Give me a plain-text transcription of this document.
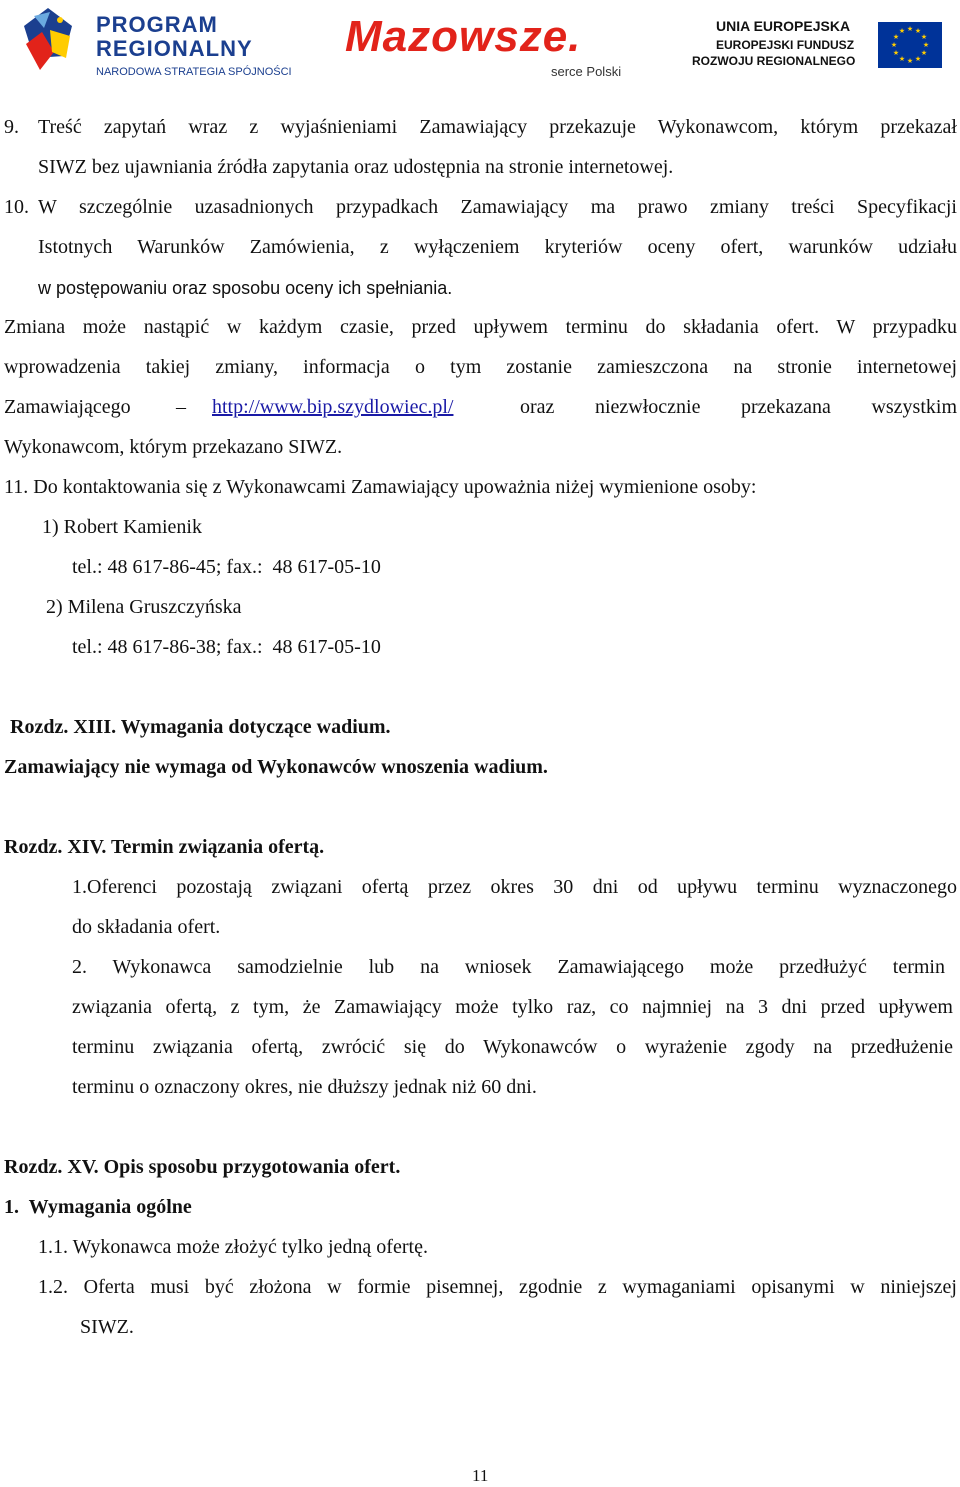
PROGRAM
REGIONALNY
NARODOWA STRATEGIA SPÓJNOŚCI
Mazowsze.
serce Polski
UNIA EUROPEJSKA
EUROPEJSKI FUNDUSZ
ROZWOJU REGIONALNEGO
★ ★
★
★
★
★
★
★
★
★
★
★
9. Treść zapytań wraz z wyjaśnieniami Zamawiający przekazuje Wykonawcom, którym przekazał
SIWZ bez ujawniania źródła zapytania oraz udostępnia na stronie internetowej.
10. W szczególnie uzasadnionych przypadkach Zamawiający ma prawo zmiany treści Specyfikacji
Istotnych Warunków Zamówienia, z wyłączeniem kryteriów oceny ofert, warunków udziału
w postępowaniu oraz sposobu oceny ich spełniania.
Zmiana może nastąpić w każdym czasie, przed upływem terminu do składania ofert. W przypadku
wprowadzenia takiej zmiany, informacja o tym zostanie zamieszczona na stronie internetowej
Zamawiającego – http://www.bip.szydlowiec.pl/	oraz niezwłocznie przekazana wszystkim
Wykonawcom, którym przekazano SIWZ.
11. Do kontaktowania się z Wykonawcami Zamawiający upoważnia niżej wymienione osoby:
1) Robert Kamienik
tel.: 48 617-86-45; fax.:  48 617-05-10
2) Milena Gruszczyńska
tel.: 48 617-86-38; fax.:  48 617-05-10
Rozdz. XIII. Wymagania dotyczące wadium.
Zamawiający nie wymaga od Wykonawców wnoszenia wadium.
Rozdz. XIV. Termin związania ofertą.
1.Oferenci pozostają związani ofertą przez okres 30 dni od upływu terminu wyznaczonego
do składania ofert.
2. Wykonawca samodzielnie lub na wniosek Zamawiającego może przedłużyć termin
związania ofertą, z tym, że Zamawiający może tylko raz, co najmniej na 3 dni przed upływem
terminu związania ofertą, zwrócić się do Wykonawców o wyrażenie zgody na przedłużenie
terminu o oznaczony okres, nie dłuższy jednak niż 60 dni.
Rozdz. XV. Opis sposobu przygotowania ofert.
1.  Wymagania ogólne
1.1. Wykonawca może złożyć tylko jedną ofertę.
1.2. Oferta musi być złożona w formie pisemnej, zgodnie z wymaganiami opisanymi w niniejszej
SIWZ.
11
